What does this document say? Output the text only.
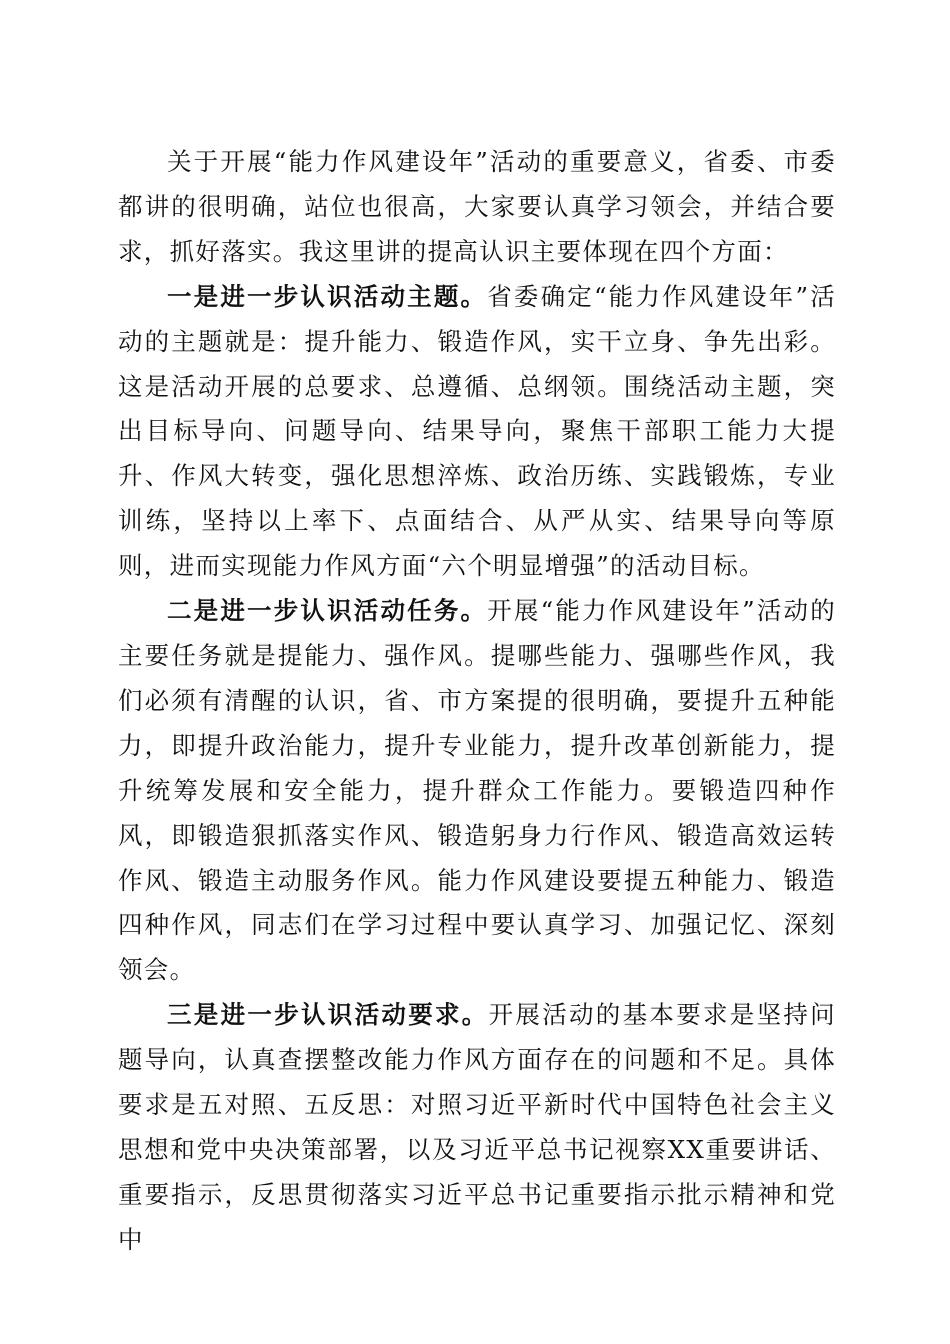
关于开展“能力作风建设年”活动的重要意义，省委、市委都讲的很明确，站位也很高，大家要认真学习领会，并结合要求，抓好落实。我这里讲的提高认识主要体现在四个方面：

一是进一步认识活动主题。省委确定“能力作风建设年”活动的主题就是：提升能力、锻造作风，实干立身、争先出彩。这是活动开展的总要求、总遵循、总纲领。围绕活动主题，突出目标导向、问题导向、结果导向，聚焦干部职工能力大提升、作风大转变，强化思想淬炼、政治历练、实践锻炼，专业训练，坚持以上率下、点面结合、从严从实、结果导向等原则，进而实现能力作风方面“六个明显增强”的活动目标。

二是进一步认识活动任务。开展“能力作风建设年”活动的主要任务就是提能力、强作风。提哪些能力、强哪些作风，我们必须有清醒的认识，省、市方案提的很明确，要提升五种能力，即提升政治能力，提升专业能力，提升改革创新能力，提升统筹发展和安全能力，提升群众工作能力。要锻造四种作风，即锻造狠抓落实作风、锻造躬身力行作风、锻造高效运转作风、锻造主动服务作风。能力作风建设要提五种能力、锻造四种作风，同志们在学习过程中要认真学习、加强记忆、深刻领会。

三是进一步认识活动要求。开展活动的基本要求是坚持问题导向，认真查摆整改能力作风方面存在的问题和不足。具体要求是五对照、五反思：对照习近平新时代中国特色社会主义思想和党中央决策部署，以及习近平总书记视察XX重要讲话、重要指示，反思贯彻落实习近平总书记重要指示批示精神和党中
